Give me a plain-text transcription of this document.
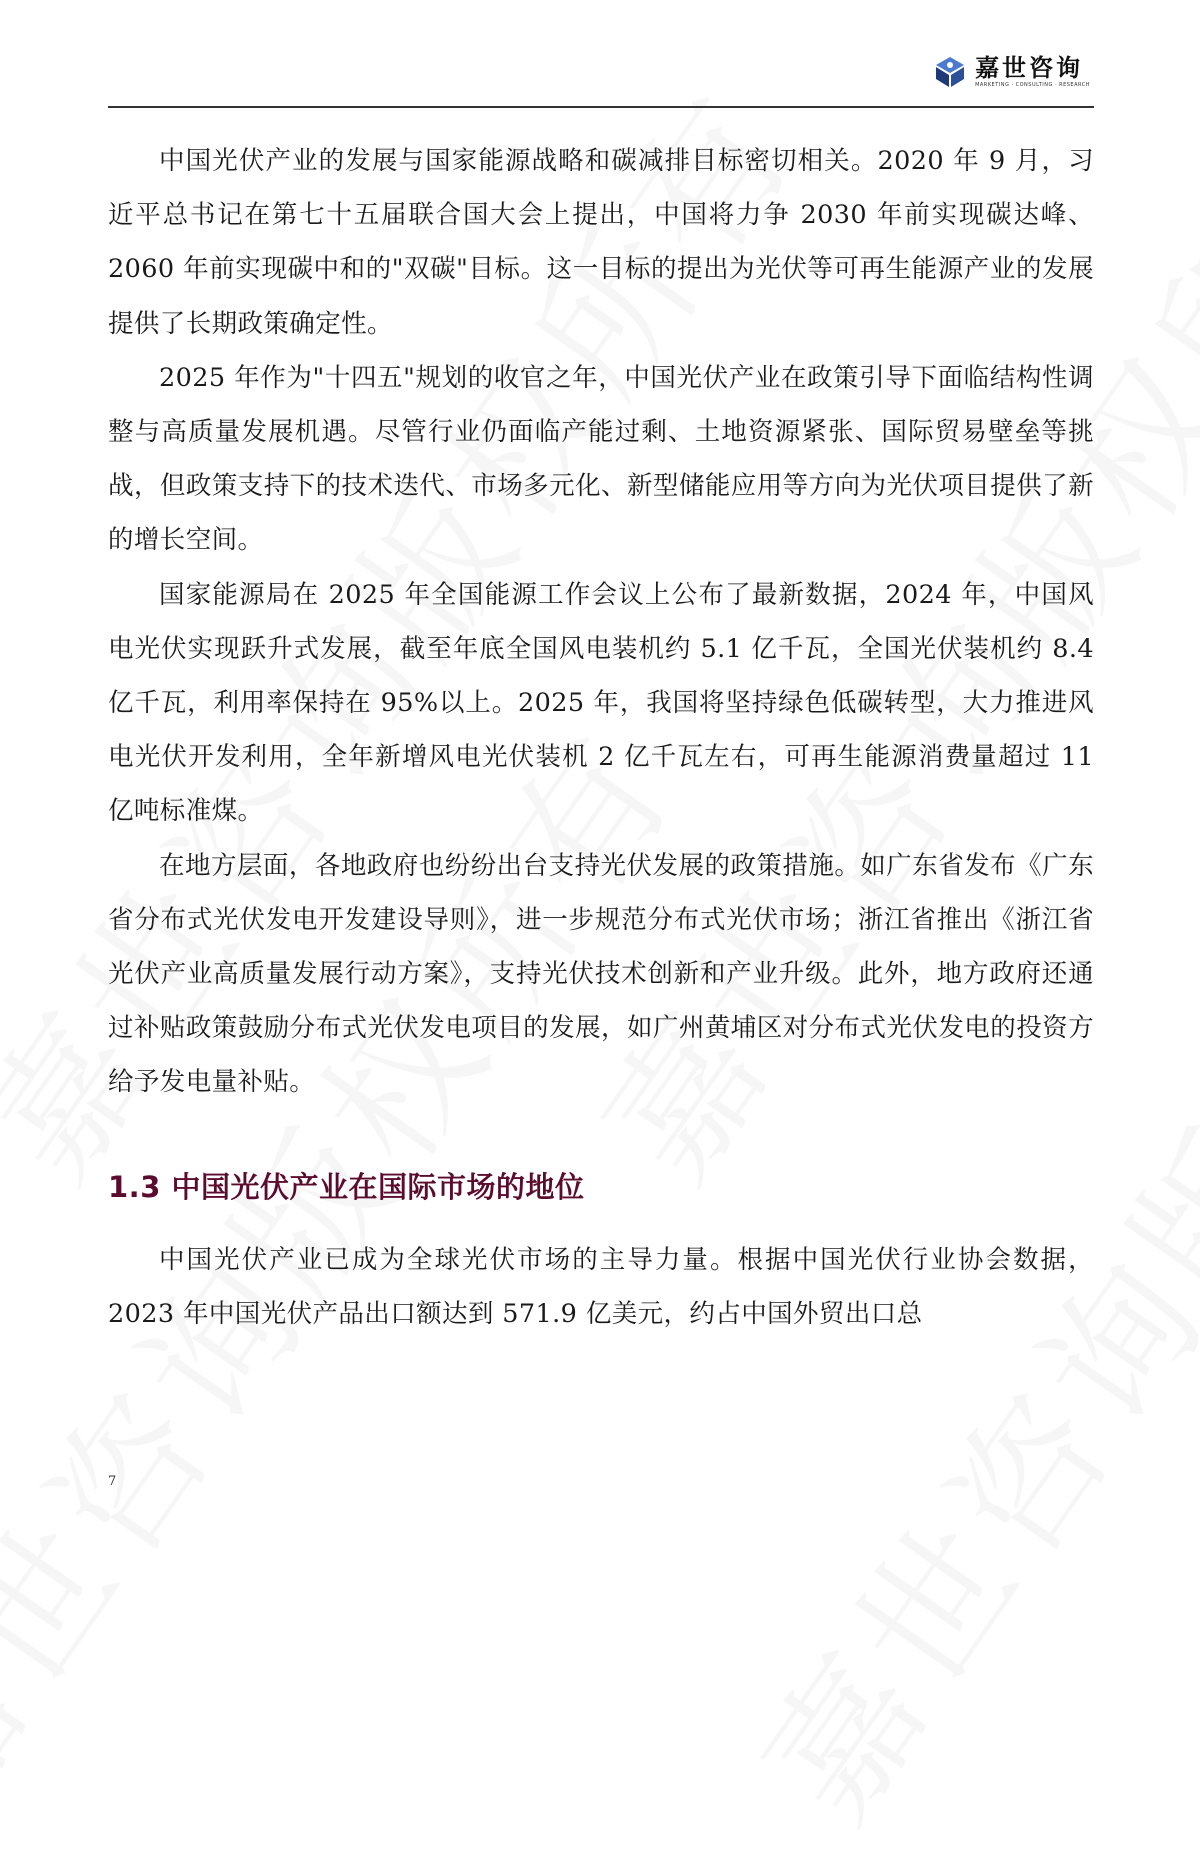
嘉世咨询
MARKETING · CONSULTING · RESEARCH

中国光伏产业的发展与国家能源战略和碳减排目标密切相关。2020 年 9 月，习近平总书记在第七十五届联合国大会上提出，中国将力争 2030 年前实现碳达峰、2060 年前实现碳中和的"双碳"目标。这一目标的提出为光伏等可再生能源产业的发展提供了长期政策确定性。

2025 年作为"十四五"规划的收官之年，中国光伏产业在政策引导下面临结构性调整与高质量发展机遇。尽管行业仍面临产能过剩、土地资源紧张、国际贸易壁垒等挑战，但政策支持下的技术迭代、市场多元化、新型储能应用等方向为光伏项目提供了新的增长空间。

国家能源局在 2025 年全国能源工作会议上公布了最新数据，2024 年，中国风电光伏实现跃升式发展，截至年底全国风电装机约 5.1 亿千瓦，全国光伏装机约 8.4 亿千瓦，利用率保持在 95%以上。2025 年，我国将坚持绿色低碳转型，大力推进风电光伏开发利用，全年新增风电光伏装机 2 亿千瓦左右，可再生能源消费量超过 11 亿吨标准煤。

在地方层面，各地政府也纷纷出台支持光伏发展的政策措施。如广东省发布《广东省分布式光伏发电开发建设导则》，进一步规范分布式光伏市场；浙江省推出《浙江省光伏产业高质量发展行动方案》，支持光伏技术创新和产业升级。此外，地方政府还通过补贴政策鼓励分布式光伏发电项目的发展，如广州黄埔区对分布式光伏发电的投资方给予发电量补贴。

1.3 中国光伏产业在国际市场的地位

中国光伏产业已成为全球光伏市场的主导力量。根据中国光伏行业协会数据，2023 年中国光伏产品出口额达到 571.9 亿美元，约占中国外贸出口总

7
